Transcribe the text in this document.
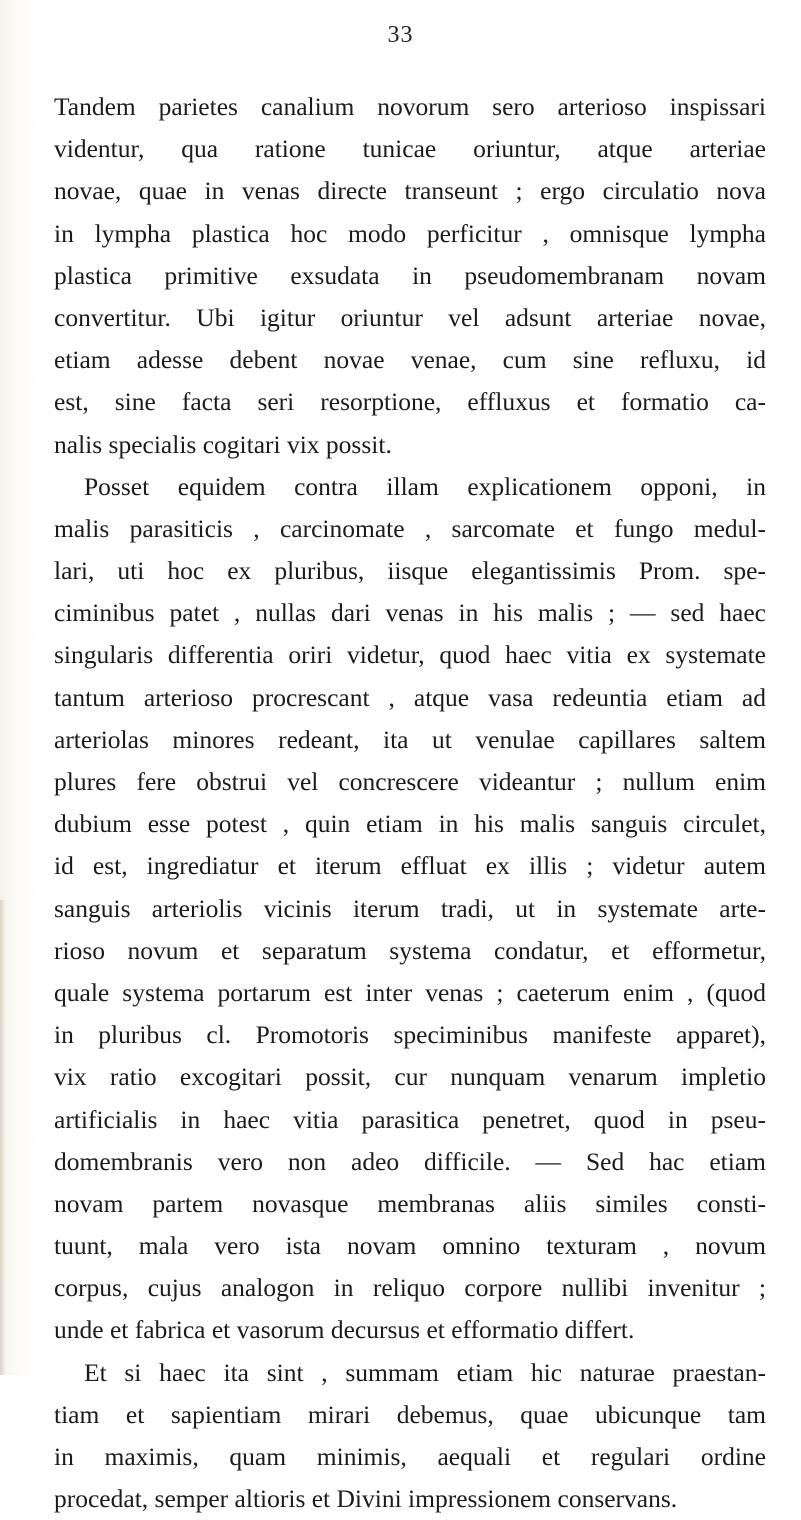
33
Tandem parietes canalium novorum sero arterioso inspissari
videntur, qua ratione tunicae oriuntur, atque arteriae
novae, quae in venas directe transeunt ; ergo circulatio nova
in lympha plastica hoc modo perficitur , omnisque lympha
plastica primitive exsudata in pseudomembranam novam
convertitur. Ubi igitur oriuntur vel adsunt arteriae novae,
etiam adesse debent novae venae, cum sine refluxu, id
est, sine facta seri resorptione, effluxus et formatio ca-
nalis specialis cogitari vix possit.
Posset equidem contra illam explicationem opponi, in
malis parasiticis , carcinomate , sarcomate et fungo medul-
lari, uti hoc ex pluribus, iisque elegantissimis Prom. spe-
ciminibus patet , nullas dari venas in his malis ; — sed haec
singularis differentia oriri videtur, quod haec vitia ex systemate
tantum arterioso procrescant , atque vasa redeuntia etiam ad
arteriolas minores redeant, ita ut venulae capillares saltem
plures fere obstrui vel concrescere videantur ; nullum enim
dubium esse potest , quin etiam in his malis sanguis circulet,
id est, ingrediatur et iterum effluat ex illis ; videtur autem
sanguis arteriolis vicinis iterum tradi, ut in systemate arte-
rioso novum et separatum systema condatur, et efformetur,
quale systema portarum est inter venas ; caeterum enim , (quod
in pluribus cl. Promotoris speciminibus manifeste apparet),
vix ratio excogitari possit, cur nunquam venarum impletio
artificialis in haec vitia parasitica penetret, quod in pseu-
domembranis vero non adeo difficile. — Sed hac etiam
novam partem novasque membranas aliis similes consti-
tuunt, mala vero ista novam omnino texturam , novum
corpus, cujus analogon in reliquo corpore nullibi invenitur ;
unde et fabrica et vasorum decursus et efformatio differt.
Et si haec ita sint , summam etiam hic naturae praestan-
tiam et sapientiam mirari debemus, quae ubicunque tam
in maximis, quam minimis, aequali et regulari ordine
procedat, semper altioris et Divini impressionem conservans.
